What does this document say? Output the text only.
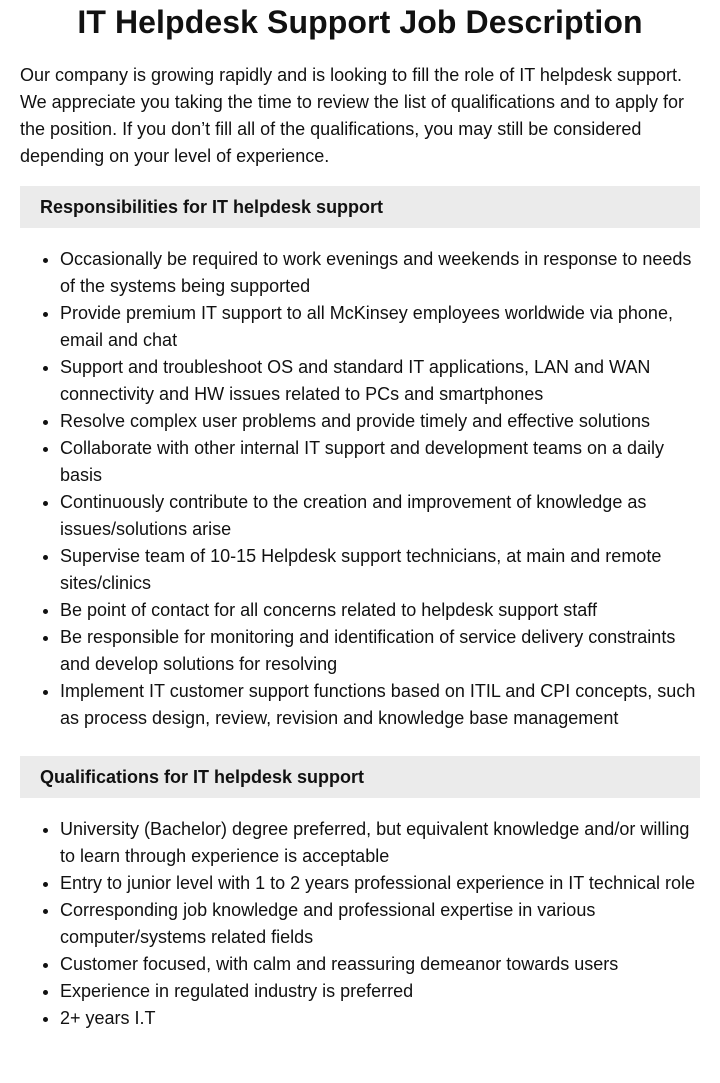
IT Helpdesk Support Job Description

Our company is growing rapidly and is looking to fill the role of IT helpdesk support. We appreciate you taking the time to review the list of qualifications and to apply for the position. If you don’t fill all of the qualifications, you may still be considered depending on your level of experience.

Responsibilities for IT helpdesk support
• Occasionally be required to work evenings and weekends in response to needs of the systems being supported
• Provide premium IT support to all McKinsey employees worldwide via phone, email and chat
• Support and troubleshoot OS and standard IT applications, LAN and WAN connectivity and HW issues related to PCs and smartphones
• Resolve complex user problems and provide timely and effective solutions
• Collaborate with other internal IT support and development teams on a daily basis
• Continuously contribute to the creation and improvement of knowledge as issues/solutions arise
• Supervise team of 10-15 Helpdesk support technicians, at main and remote sites/clinics
• Be point of contact for all concerns related to helpdesk support staff
• Be responsible for monitoring and identification of service delivery constraints and develop solutions for resolving
• Implement IT customer support functions based on ITIL and CPI concepts, such as process design, review, revision and knowledge base management
Qualifications for IT helpdesk support
• University (Bachelor) degree preferred, but equivalent knowledge and/or willing to learn through experience is acceptable
• Entry to junior level with 1 to 2 years professional experience in IT technical role
• Corresponding job knowledge and professional expertise in various computer/systems related fields
• Customer focused, with calm and reassuring demeanor towards users
• Experience in regulated industry is preferred
• 2+ years I.T
